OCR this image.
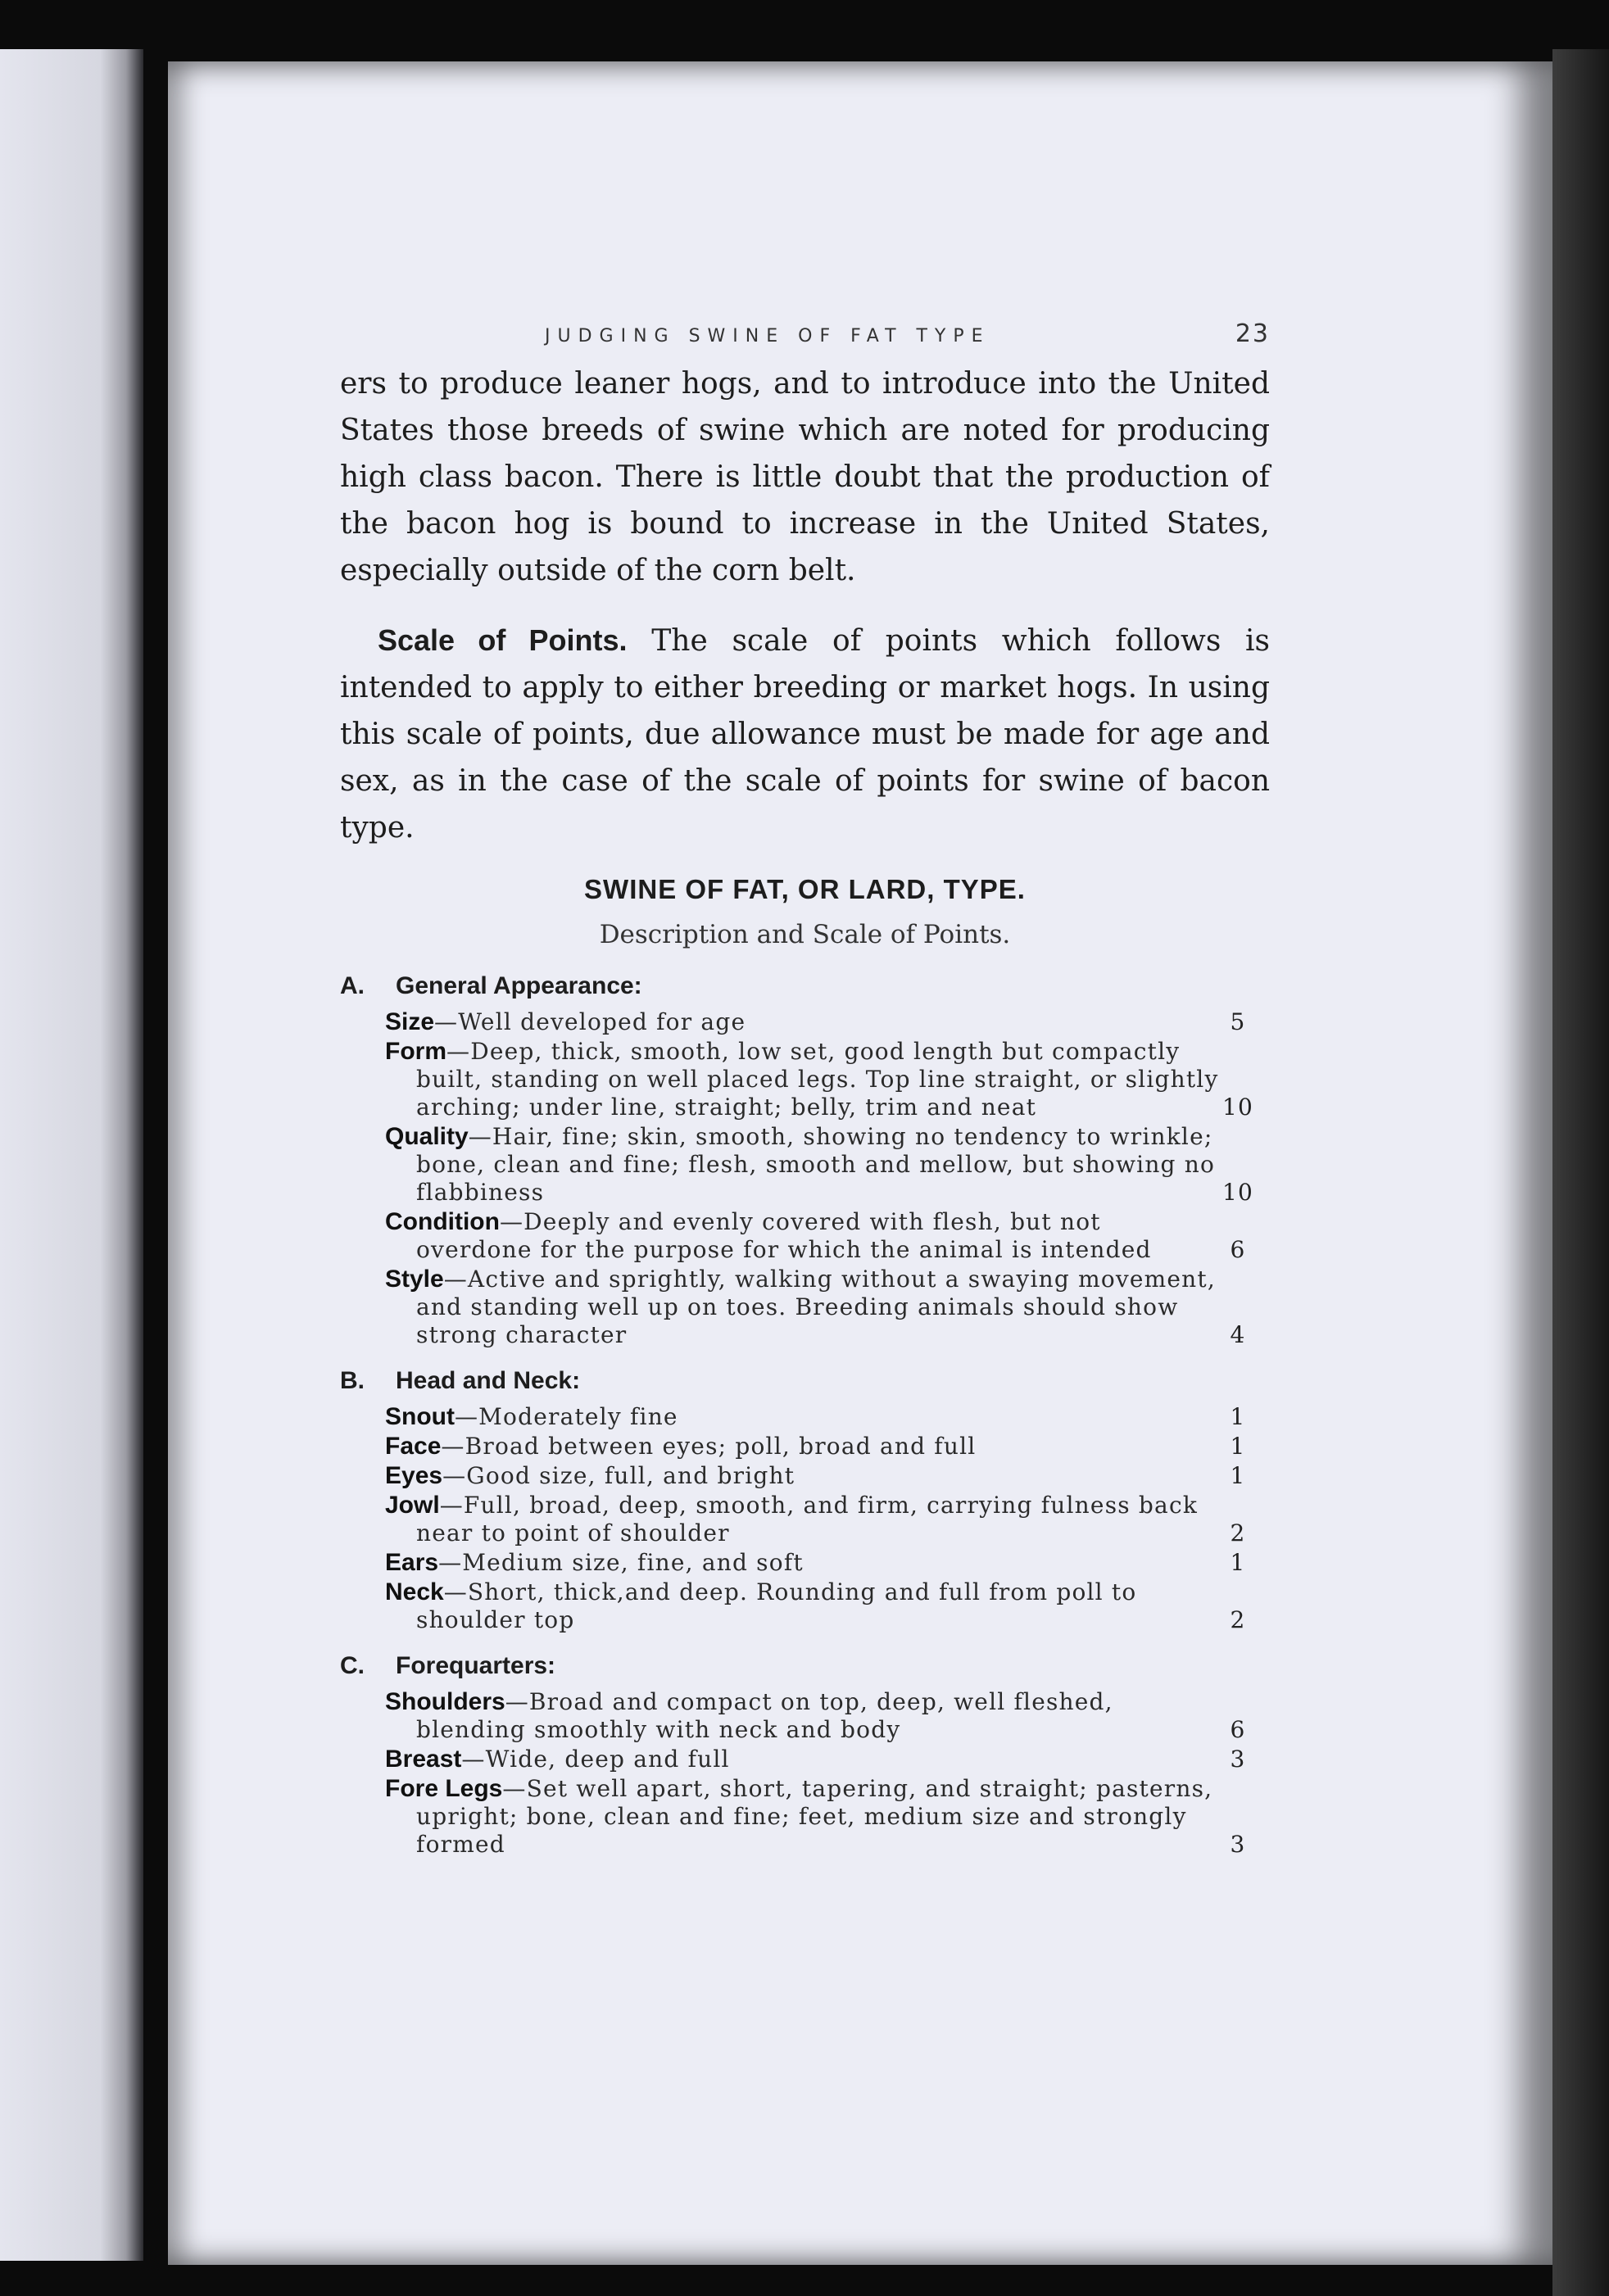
JUDGING SWINE OF FAT TYPE	23

ers to produce leaner hogs, and to introduce into the United States those breeds of swine which are noted for producing high class bacon. There is little doubt that the production of the bacon hog is bound to increase in the United States, especially outside of the corn belt.

Scale of Points. The scale of points which follows is intended to apply to either breeding or market hogs. In using this scale of points, due allowance must be made for age and sex, as in the case of the scale of points for swine of bacon type.

SWINE OF FAT, OR LARD, TYPE.
Description and Scale of Points.
A. General Appearance:
Size—Well developed for age	5
Form—Deep, thick, smooth, low set, good length but compactly built, standing on well placed legs. Top line straight, or slightly arching; under line, straight; belly, trim and neat	10
Quality—Hair, fine; skin, smooth, showing no tendency to wrinkle; bone, clean and fine; flesh, smooth and mellow, but showing no flabbiness	10
Condition—Deeply and evenly covered with flesh, but not overdone for the purpose for which the animal is intended	6
Style—Active and sprightly, walking without a swaying movement, and standing well up on toes. Breeding animals should show strong character	4
B. Head and Neck:
Snout—Moderately fine	1
Face—Broad between eyes; poll, broad and full	1
Eyes—Good size, full, and bright	1
Jowl—Full, broad, deep, smooth, and firm, carrying fulness back near to point of shoulder	2
Ears—Medium size, fine, and soft	1
Neck—Short, thick,and deep. Rounding and full from poll to shoulder top	2
C. Forequarters:
Shoulders—Broad and compact on top, deep, well fleshed, blending smoothly with neck and body	6
Breast—Wide, deep and full	3
Fore Legs—Set well apart, short, tapering, and straight; pasterns, upright; bone, clean and fine; feet, medium size and strongly formed	3
